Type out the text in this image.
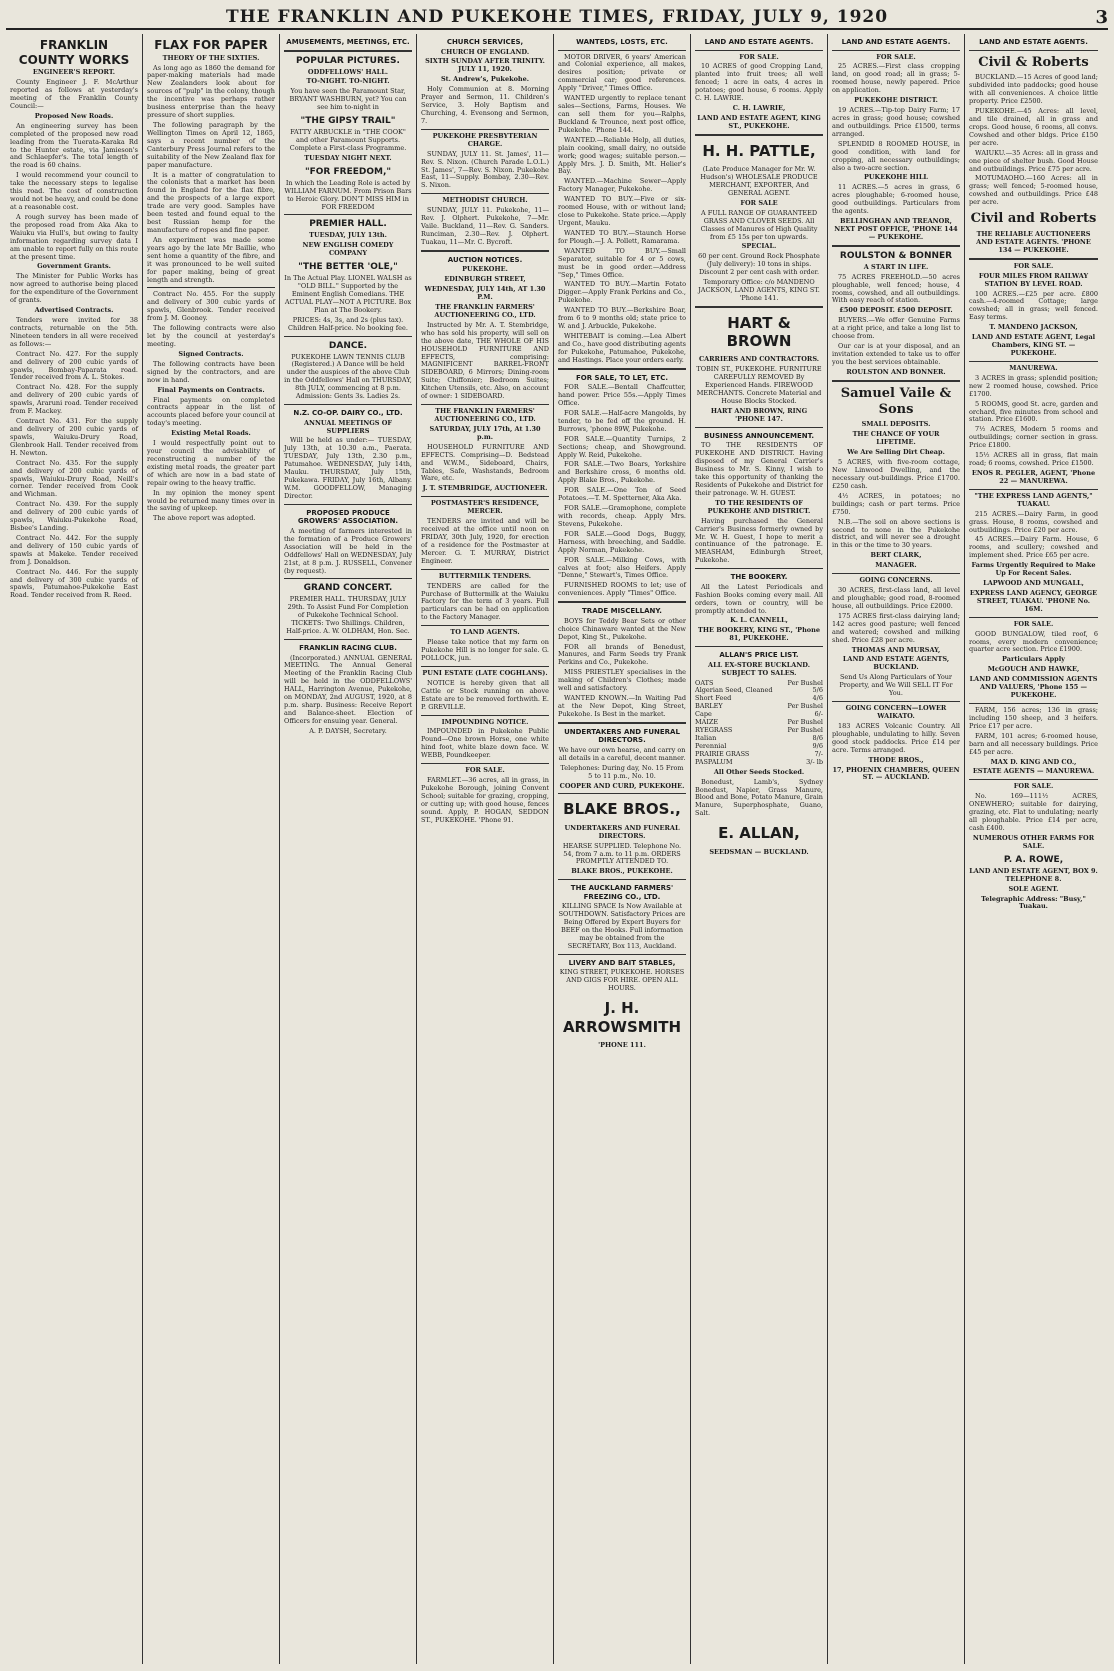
THE FRANKLIN AND PUKEKOHE TIMES, FRIDAY, JULY 9, 1920	3
FRANKLIN COUNTY WORKS
ENGINEER'S REPORT.

County Engineer J. F. McArthur reported as follows at yesterday's meeting of the Franklin County Council:—

Proposed New Roads.

An engineering survey has been completed of the proposed new road leading from the Tuerata-Karaka Rd to the Hunter estate, via Jamieson's and Schlaepfer's. The total length of the road is 60 chains.

I would recommend your council to take the necessary steps to legalise this road. The cost of construction would not be heavy, and could be done at a reasonable cost.

A rough survey has been made of the proposed road from Aka Aka to Waiuku via Hull's, but owing to faulty information regarding survey data I am unable to report fully on this route at the present time.

Government Grants.

The Minister for Public Works has now agreed to authorise being placed for the expenditure of the Government of grants.

Advertised Contracts.

Tenders were invited for 38 contracts, returnable on the 5th. Nineteen tenders in all were received as follows:—

Contract No. 427. For the supply and delivery of 200 cubic yards of spawls, Bombay-Paparata road. Tender received from A. L. Stokes.

Contract No. 428. For the supply and delivery of 200 cubic yards of spawls, Araruni road. Tender received from F. Mackey.

Contract No. 431. For the supply and delivery of 200 cubic yards of spawls, Waiuku-Drury Road, Glenbrook Hall. Tender received from H. Newton.

Contract No. 435. For the supply and delivery of 200 cubic yards of spawls, Waiuku-Drury Road, Neill's corner. Tender received from Cook and Wichman.

Contract No. 439. For the supply and delivery of 200 cubic yards of spawls, Waiuku-Pukekohe Road, Bisbee's Landing.

Contract No. 442. For the supply and delivery of 150 cubic yards of spawls at Makeke. Tender received from J. Donaldson.

Contract No. 446. For the supply and delivery of 300 cubic yards of spawls, Patumahoe-Pukekohe East Road. Tender received from R. Reed.

FLAX FOR PAPER
THEORY OF THE SIXTIES.

As long ago as 1860 the demand for paper-making materials had made New Zealanders look about for sources of "pulp" in the colony, though the incentive was perhaps rather business enterprise than the heavy pressure of short supplies.

The following paragraph by the Wellington Times on April 12, 1865, says a recent number of the Canterbury Press Journal refers to the suitability of the New Zealand flax for paper manufacture.

It is a matter of congratulation to the colonists that a market has been found in England for the flax fibre, and the prospects of a large export trade are very good. Samples have been tested and found equal to the best Russian hemp for the manufacture of ropes and fine paper.

An experiment was made some years ago by the late Mr Baillie, who sent home a quantity of the fibre, and it was pronounced to be well suited for paper making, being of great length and strength.

Contract No. 455. For the supply and delivery of 300 cubic yards of spawls, Glenbrook. Tender received from J. M. Gooney.

The following contracts were also let by the council at yesterday's meeting.

Signed Contracts.

The following contracts have been signed by the contractors, and are now in hand.

Final Payments on Contracts.

Final payments on completed contracts appear in the list of accounts placed before your council at today's meeting.

Existing Metal Roads.

I would respectfully point out to your council the advisability of reconstructing a number of the existing metal roads, the greater part of which are now in a bad state of repair owing to the heavy traffic.

In my opinion the money spent would be returned many times over in the saving of upkeep.

The above report was adopted.

AMUSEMENTS, MEETINGS, ETC.
POPULAR PICTURES.
ODDFELLOWS' HALL.
TO-NIGHT. TO-NIGHT.

You have seen the Paramount Star, BRYANT WASHBURN, yet? You can see him to-night in

"THE GIPSY TRAIL"

FATTY ARBUCKLE in "THE COOK" and other Paramount Supports. Complete a First-class Programme.

TUESDAY NIGHT NEXT.
"FOR FREEDOM,"

In which the Leading Role is acted by WILLIAM FARNUM. From Prison Bars to Heroic Glory. DON'T MISS HIM in FOR FREEDOM

PREMIER HALL.
TUESDAY, JULY 13th.
NEW ENGLISH COMEDY COMPANY
"THE BETTER 'OLE,"

In The Actual Play. LIONEL WALSH as "OLD BILL." Supported by the Eminent English Comedians. THE ACTUAL PLAY—NOT A PICTURE. Box Plan at The Bookery.

PRICES: 4s, 3s, and 2s (plus tax). Children Half-price. No booking fee.

DANCE.

PUKEKOHE LAWN TENNIS CLUB (Registered.) A Dance will be held under the auspices of the above Club in the Oddfellows' Hall on THURSDAY, 8th JULY, commencing at 8 p.m. Admission: Gents 3s. Ladies 2s.

N.Z. CO-OP. DAIRY CO., LTD.
ANNUAL MEETINGS OF SUPPLIERS

Will be held as under:— TUESDAY, July 13th, at 10.30 a.m., Paerata. TUESDAY, July 13th, 2.30 p.m., Patumahoe. WEDNESDAY, July 14th, Mauku. THURSDAY, July 15th, Pukekawa. FRIDAY, July 16th, Albany. W.M. GOODFELLOW, Managing Director.

PROPOSED PRODUCE GROWERS' ASSOCIATION.

A meeting of farmers interested in the formation of a Produce Growers' Association will be held in the Oddfellows' Hall on WEDNESDAY, July 21st, at 8 p.m. J. RUSSELL, Convener (by request).

GRAND CONCERT.

PREMIER HALL. THURSDAY, JULY 29th. To Assist Fund For Completion of Pukekohe Technical School. TICKETS: Two Shillings. Children, Half-price. A. W. OLDHAM, Hon. Sec.

FRANKLIN RACING CLUB.

(Incorporated.) ANNUAL GENERAL MEETING. The Annual General Meeting of the Franklin Racing Club will be held in the ODDFELLOWS' HALL, Harrington Avenue, Pukekohe, on MONDAY, 2nd AUGUST, 1920, at 8 p.m. sharp. Business: Receive Report and Balance-sheet. Election of Officers for ensuing year. General.

A. P. DAYSH, Secretary.

CHURCH SERVICES,
CHURCH OF ENGLAND.
SIXTH SUNDAY AFTER TRINITY. JULY 11, 1920.
St. Andrew's, Pukekohe.

Holy Communion at 8. Morning Prayer and Sermon, 11. Children's Service, 3. Holy Baptism and Churching, 4. Evensong and Sermon, 7.

PUKEKOHE PRESBYTERIAN CHARGE.

SUNDAY, JULY 11. St. James', 11—Rev. S. Nixon. (Church Parade L.O.L.) St. James', 7—Rev. S. Nixon. Pukekohe East, 11—Supply. Bombay, 2.30—Rev. S. Nixon.

METHODIST CHURCH.

SUNDAY, JULY 11. Pukekohe, 11—Rev. J. Olphert. Pukekohe, 7—Mr. Vaile. Buckland, 11—Rev. G. Sanders. Runciman, 2.30—Rev. J. Olphert. Tuakau, 11—Mr. C. Bycroft.

AUCTION NOTICES.
PUKEKOHE.
EDINBURGH STREET,
WEDNESDAY, JULY 14th, AT 1.30 P.M.
THE FRANKLIN FARMERS' AUCTIONEERING CO., LTD.

Instructed by Mr. A. T. Stembridge, who has sold his property, will sell on the above date, THE WHOLE OF HIS HOUSEHOLD FURNITURE AND EFFECTS, comprising: MAGNIFICENT BARREL-FRONT SIDEBOARD, 6 Mirrors; Dining-room Suite; Chiffonier; Bedroom Suites; Kitchen Utensils, etc. Also, on account of owner: 1 SIDEBOARD.

THE FRANKLIN FARMERS' AUCTIONEERING CO., LTD.
SATURDAY, JULY 17th, At 1.30 p.m.

HOUSEHOLD FURNITURE AND EFFECTS. Comprising—D. Bedstead and W.W.M., Sideboard, Chairs, Tables, Safe, Washstands, Bedroom Ware, etc.

J. T. STEMBRIDGE, AUCTIONEER.
POSTMASTER'S RESIDENCE, MERCER.

TENDERS are invited and will be received at the office until noon on FRIDAY, 30th July, 1920, for erection of a residence for the Postmaster at Mercer. G. T. MURRAY, District Engineer.

BUTTERMILK TENDERS.

TENDERS are called for the Purchase of Buttermilk at the Waiuku Factory for the term of 3 years. Full particulars can be had on application to the Factory Manager.

TO LAND AGENTS.

Please take notice that my farm on Pukekohe Hill is no longer for sale. G. POLLOCK, jun.

PUNI ESTATE (LATE COGHLANS).

NOTICE is hereby given that all Cattle or Stock running on above Estate are to be removed forthwith. E. P. GREVILLE.

IMPOUNDING NOTICE.

IMPOUNDED in Pukekohe Public Pound—One brown Horse, one white hind foot, white blaze down face. W. WEBB, Poundkeeper.

FOR SALE.

FARMLET.—36 acres, all in grass, in Pukekohe Borough, joining Convent School; suitable for grazing, cropping, or cutting up; with good house, fences sound. Apply, P. HOGAN, SEDDON ST., PUKEKOHE. 'Phone 91.

WANTEDS, LOSTS, ETC.

MOTOR DRIVER, 6 years' American and Colonial experience, all makes, desires position; private or commercial car; good references. Apply "Driver," Times Office.

WANTED urgently to replace tenant sales—Sections, Farms, Houses. We can sell them for you—Ralphs, Buckland & Trounce, next post office, Pukekohe. 'Phone 144.

WANTED.—Reliable Help, all duties, plain cooking, small dairy, no outside work; good wages; suitable person.—Apply Mrs. J. D. Smith, Mt. Helier's Bay.

WANTED.—Machine Sewer—Apply Factory Manager, Pukekohe.

WANTED TO BUY.—Five or six-roomed House, with or without land; close to Pukekohe. State price.—Apply Urgent, Mauku.

WANTED TO BUY.—Staunch Horse for Plough.—J. A. Pollett, Ramarama.

WANTED TO BUY.—Small Separator, suitable for 4 or 5 cows, must be in good order.—Address "Sep," Times Office.

WANTED TO BUY.—Martin Fotato Digger.—Apply Frank Perkins and Co., Pukekohe.

WANTED TO BUY.—Berkshire Boar, from 6 to 9 months old; state price to W. and J. Arbuckle, Pukekohe.

WHITEBAIT is coming.—Lea Albert and Co., have good distributing agents for Pukekohe, Patumahoe, Pukekohe, and Hastings. Place your orders early.

FOR SALE, TO LET, ETC.

FOR SALE.—Bentall Chaffcutter, hand power. Price 55s.—Apply Times Office.

FOR SALE.—Half-acre Mangolds, by tender, to be fed off the ground. H. Burrows, 'phone 89W, Pukekohe.

FOR SALE.—Quantity Turnips, 2 Sections; cheap, and Showground. Apply W. Reid, Pukekohe.

FOR SALE.—Two Boars, Yorkshire and Berkshire cross, 6 months old. Apply Blake Bros., Pukekohe.

FOR SALE.—One Ton of Seed Potatoes.—T. M. Spetterner, Aka Aka.

FOR SALE.—Gramophone, complete with records, cheap. Apply Mrs. Stevens, Pukekohe.

FOR SALE.—Good Dogs, Buggy, Harness, with breeching, and Saddle. Apply Norman, Pukekohe.

FOR SALE.—Milking Cows, with calves at foot; also Heifers. Apply "Denne," Stewart's, Times Office.

FURNISHED ROOMS to let; use of conveniences. Apply "Times" Office.

TRADE MISCELLANY.

BOYS for Teddy Bear Sets or other choice Chinaware wanted at the New Depot, King St., Pukekohe.

FOR all brands of Benedust, Manures, and Farm Seeds try Frank Perkins and Co., Pukekohe.

MISS PRIESTLEY specialises in the making of Children's Clothes; made well and satisfactory.

WANTED KNOWN.—In Waiting Pad at the New Depot, King Street, Pukekohe. Is Best in the market.

UNDERTAKERS AND FUNERAL DIRECTORS.

We have our own hearse, and carry on all details in a careful, decent manner.

Telephones: During day, No. 15 From 5 to 11 p.m., No. 10.

COOPER AND CURD, PUKEKOHE.
BLAKE BROS.,
UNDERTAKERS AND FUNERAL DIRECTORS.

HEARSE SUPPLIED. Telephone No. 54, from 7 a.m. to 11 p.m. ORDERS PROMPTLY ATTENDED TO.

BLAKE BROS., PUKEKOHE.
THE AUCKLAND FARMERS' FREEZING CO., LTD.

KILLING SPACE Is Now Available at SOUTHDOWN. Satisfactory Prices are Being Offered by Expert Buyers for BEEF on the Hooks. Full information may be obtained from the SECRETARY, Box 113, Auckland.

LIVERY AND BAIT STABLES,

KING STREET, PUKEKOHE. HORSES AND GIGS FOR HIRE. OPEN ALL HOURS.

J. H. ARROWSMITH
'PHONE 111.
LAND AND ESTATE AGENTS.
FOR SALE.

10 ACRES of good Cropping Land, planted into fruit trees; all well fenced; 1 acre in oats, 4 acres in potatoes; good house, 6 rooms. Apply C. H. LAWRIE.

C. H. LAWRIE,
LAND AND ESTATE AGENT, KING ST., PUKEKOHE.
H. H. PATTLE,

(Late Produce Manager for Mr. W. Hudson's) WHOLESALE PRODUCE MERCHANT, EXPORTER, And GENERAL AGENT.

FOR SALE

A FULL RANGE OF GUARANTEED GRASS AND CLOVER SEEDS. All Classes of Manures of High Quality from £5 15s per ton upwards.

SPECIAL.

60 per cent. Ground Rock Phosphate (July delivery): 10 tons in ships. Discount 2 per cent cash with order.

Temporary Office: c/o MANDENO JACKSON, LAND AGENTS, KING ST. 'Phone 141.

HART & BROWN
CARRIERS AND CONTRACTORS.

TOBIN ST., PUKEKOHE. FURNITURE CAREFULLY REMOVED By Experienced Hands. FIREWOOD MERCHANTS. Concrete Material and House Blocks Stocked.

HART AND BROWN, RING 'PHONE 147.
BUSINESS ANNOUNCEMENT.

TO THE RESIDENTS OF PUKEKOHE AND DISTRICT. Having disposed of my General Carrier's Business to Mr. S. Kinny, I wish to take this opportunity of thanking the Residents of Pukekohe and District for their patronage. W. H. GUEST.

TO THE RESIDENTS OF PUKEKOHE AND DISTRICT.

Having purchased the General Carrier's Business formerly owned by Mr. W. H. Guest, I hope to merit a continuance of the patronage. E. MEASHAM, Edinburgh Street, Pukekohe.

THE BOOKERY.

All the Latest Periodicals and Fashion Books coming every mail. All orders, town or country, will be promptly attended to.

K. L. CANNELL,
THE BOOKERY, KING ST., 'Phone 81, PUKEKOHE.
ALLAN'S PRICE LIST.
ALL EX-STORE BUCKLAND. SUBJECT TO SALES.
OATS	Per Bushel
Algerian Seed, Cleaned	5/6
Short Feed	4/6
BARLEY	Per Bushel
Cape	6/-
MAIZE	Per Bushel
RYEGRASS	Per Bushel
Italian	8/6
Perennial	9/6
PRAIRIE GRASS	7/-
PASPALUM	3/- lb
All Other Seeds Stocked.

Bonedust, Lamb's, Sydney Bonedust, Napier, Grass Manure, Blood and Bone, Potato Manure, Grain Manure, Superphosphate, Guano, Salt.

E. ALLAN,
SEEDSMAN — BUCKLAND.
LAND AND ESTATE AGENTS.
FOR SALE.

25 ACRES.—First class cropping land, on good road; all in grass; 5-roomed house, newly papered. Price on application.

PUKEKOHE DISTRICT.

19 ACRES.—Tip-top Dairy Farm; 17 acres in grass; good house; cowshed and outbuildings. Price £1500, terms arranged.

SPLENDID 8 ROOMED HOUSE, in good condition, with land for cropping, all necessary outbuildings; also a two-acre section.

PUKEKOHE HILL

11 ACRES.—5 acres in grass, 6 acres ploughable; 6-roomed house, good outbuildings. Particulars from the agents.

BELLINGHAN AND TREANOR, NEXT POST OFFICE, 'PHONE 144 — PUKEKOHE.
ROULSTON & BONNER
A START IN LIFE.

75 ACRES FREEHOLD.—50 acres ploughable, well fenced; house, 4 rooms, cowshed, and all outbuildings. With easy reach of station.

£500 DEPOSIT. £500 DEPOSIT.

BUYERS.—We offer Genuine Farms at a right price, and take a long list to choose from.

Our car is at your disposal, and an invitation extended to take us to offer you the best services obtainable.

ROULSTON AND BONNER.
Samuel Vaile & Sons
SMALL DEPOSITS.
THE CHANCE OF YOUR LIFETIME.
We Are Selling Dirt Cheap.

5 ACRES, with five-room cottage, New Linwood Dwelling, and the necessary out-buildings. Price £1700. £250 cash.

4½ ACRES, in potatoes; no buildings; cash or part terms. Price £750.

N.B.—The soil on above sections is second to none in the Pukekohe district, and will never see a drought in this or the time to 30 years.

BERT CLARK,
MANAGER.
GOING CONCERNS.

30 ACRES, first-class land, all level and ploughable; good road, 8-roomed house, all outbuildings. Price £2000.

175 ACRES first-class dairying land; 142 acres good pasture; well fenced and watered; cowshed and milking shed. Price £28 per acre.

THOMAS AND MURSAY,
LAND AND ESTATE AGENTS, BUCKLAND.

Send Us Along Particulars of Your Property, and We Will SELL IT For You.

GOING CONCERN—LOWER WAIKATO.

183 ACRES Volcanic Country. All ploughable, undulating to hilly. Seven good stock paddocks. Price £14 per acre. Terms arranged.

THODE BROS.,
17, PHOENIX CHAMBERS, QUEEN ST. — AUCKLAND.
LAND AND ESTATE AGENTS.
Civil & Roberts

BUCKLAND.—15 Acres of good land; subdivided into paddocks; good house with all conveniences. A choice little property. Price £2500.

PUKEKOHE.—45 Acres: all level, and tile drained, all in grass and crops. Good house, 6 rooms, all convs. Cowshed and other bldgs. Price £150 per acre.

WAIUKU.—35 Acres: all in grass and one piece of shelter bush. Good House and outbuildings. Price £75 per acre.

MOTUMAOHO.—160 Acres: all in grass; well fenced; 5-roomed house, cowshed and outbuildings. Price £48 per acre.

Civil and Roberts
THE RELIABLE AUCTIONEERS AND ESTATE AGENTS. 'PHONE 134 — PUKEKOHE.
FOR SALE.
FOUR MILES FROM RAILWAY STATION BY LEVEL ROAD.

100 ACRES.—£25 per acre. £800 cash.—4-roomed Cottage; large cowshed; all in grass; well fenced. Easy terms.

T. MANDENO JACKSON,
LAND AND ESTATE AGENT, Legal Chambers, KING ST. — PUKEKOHE.
MANUREWA.

3 ACRES in grass; splendid position; new 2 roomed house, cowshed. Price £1700.

5 ROOMS, good St. acre, garden and orchard, five minutes from school and station. Price £1600.

7½ ACRES, Modern 5 rooms and outbuildings; corner section in grass. Price £1800.

15½ ACRES all in grass, flat main road; 6 rooms, cowshed. Price £1500.

ENOS R. PEGLER, AGENT, 'Phone 22 — MANUREWA.
"THE EXPRESS LAND AGENTS," TUAKAU.

215 ACRES.—Dairy Farm, in good grass. House, 8 rooms, cowshed and outbuildings. Price £20 per acre.

45 ACRES.—Dairy Farm. House, 6 rooms, and scullery; cowshed and implement shed. Price £65 per acre.

Farms Urgently Required to Make Up For Recent Sales.
LAPWOOD AND MUNGALL,
EXPRESS LAND AGENCY, GEORGE STREET, TUAKAU. 'PHONE No. 16M.
FOR SALE.

GOOD BUNGALOW, tiled roof, 6 rooms, every modern convenience; quarter acre section. Price £1900.

Particulars Apply
McGOUCH AND HAWKE,
LAND AND COMMISSION AGENTS AND VALUERS, 'Phone 155 — PUKEKOHE.

FARM, 156 acres; 136 in grass; including 150 sheep, and 3 heifers. Price £17 per acre.

FARM, 101 acres; 6-roomed house, barn and all necessary buildings. Price £45 per acre.

MAX D. KING AND CO.,
ESTATE AGENTS — MANUREWA.
FOR SALE.

No. 169—111½ ACRES, ONEWHERO; suitable for dairying, grazing, etc. Flat to undulating; nearly all ploughable. Price £14 per acre, cash £400.

NUMEROUS OTHER FARMS FOR SALE.
P. A. ROWE,
LAND AND ESTATE AGENT, BOX 9. TELEPHONE 8.
SOLE AGENT.
Telegraphic Address: "Busy," Tuakau.
